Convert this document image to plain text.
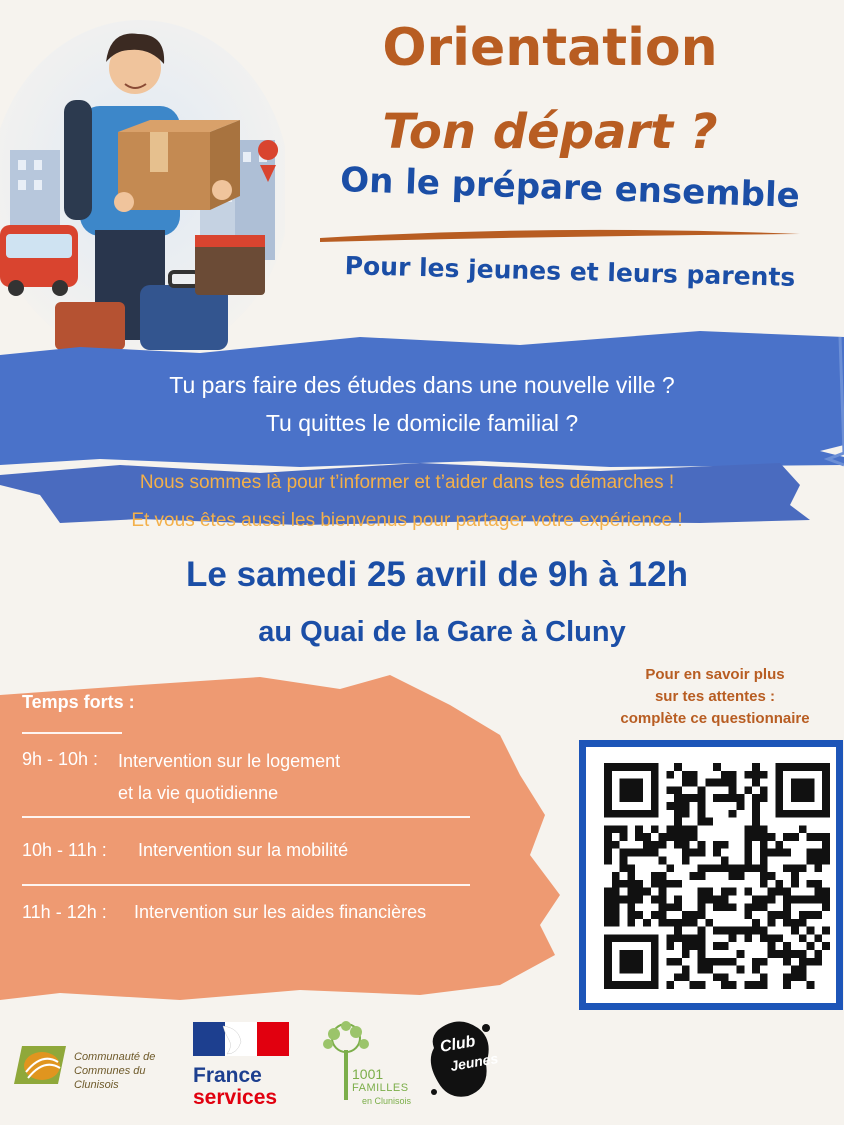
Orientation
Ton départ ?
On le prépare ensemble
Pour les jeunes et leurs parents
Tu pars faire des études dans une nouvelle ville ?
Tu quittes le domicile familial ?
Nous sommes là pour t’informer et t’aider dans tes démarches !
Et vous êtes aussi les bienvenus pour partager votre expérience !
Le samedi 25 avril de 9h à 12h
au Quai de la Gare à Cluny
Temps forts :
9h - 10h : Intervention sur le logement
et la vie quotidienne
10h - 11h : Intervention sur la mobilité
11h - 12h : Intervention sur les aides financières
Pour en savoir plus
sur tes attentes :
complète ce questionnaire
Communauté de
Communes du Clunisois	France
services
1001
FAMILLES
en Clunisois
Club
Jeunes
